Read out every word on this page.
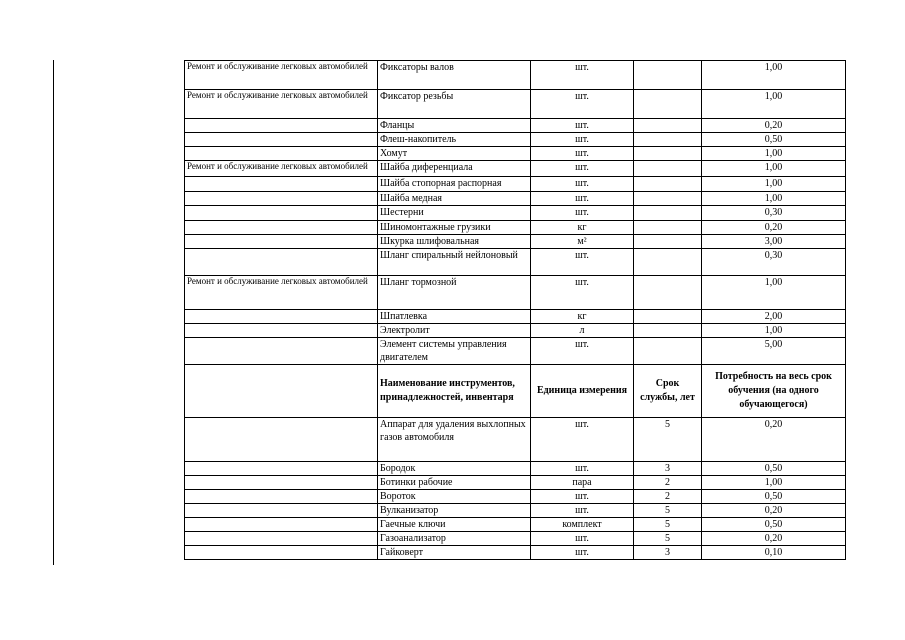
Ремонт и обслуживание легковых автомобилей	Фиксаторы валов	шт.		1,00
Ремонт и обслуживание легковых автомобилей	Фиксатор резьбы	шт.		1,00
	Фланцы	шт.		0,20
	Флеш-накопитель	шт.		0,50
	Хомут	шт.		1,00
Ремонт и обслуживание легковых автомобилей	Шайба диференциала	шт.		1,00
	Шайба стопорная распорная	шт.		1,00
	Шайба медная	шт.		1,00
	Шестерни	шт.		0,30
	Шиномонтажные грузики	кг		0,20
	Шкурка шлифовальная	м²		3,00
	Шланг спиральный нейлоновый	шт.		0,30
Ремонт и обслуживание легковых автомобилей	Шланг тормозной	шт.		1,00
	Шпатлевка	кг		2,00
	Электролит	л		1,00
	Элемент системы управления двигателем	шт.		5,00
	Наименование инструментов, принадлежностей, инвентаря	Единица измерения	Срок службы, лет	Потребность на весь срок обучения (на одного обучающегося)
	Аппарат для удаления выхлопных газов автомобиля	шт.	5	0,20
	Бородок	шт.	3	0,50
	Ботинки рабочие	пара	2	1,00
	Вороток	шт.	2	0,50
	Вулканизатор	шт.	5	0,20
	Гаечные ключи	комплект	5	0,50
	Газоанализатор	шт.	5	0,20
	Гайковерт	шт.	3	0,10
